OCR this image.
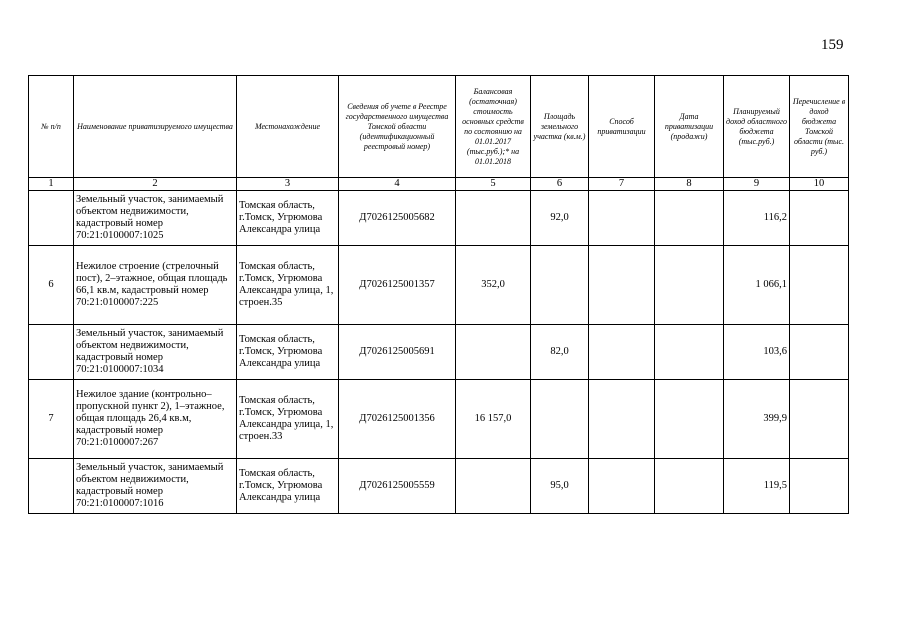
159
№ п/п	Наименование приватизируемого имущества	Местонахождение	Сведения об учете в Реестре государственного имущества Томской области (идентификационный реестровый номер)	Балансовая (остаточная) стоимость основных средств по состоянию на 01.01.2017 (тыс.руб.);* на 01.01.2018	Площадь земельного участка (кв.м.)	Способ приватизации	Дата приватизации (продажи)	Планируемый доход областного бюджета (тыс.руб.)	Перечисление в доход бюджета Томской области (тыс. руб.)
1	2	3	4	5	6	7	8	9	10
	Земельный участок, занимаемый объектом недвижимости, кадастровый номер 70:21:0100007:1025	Томская область, г.Томск, Угрюмова Александра улица	Д7026125005682		92,0			116,2	
6	Нежилое строение (стрелочный пост), 2–этажное, общая площадь 66,1 кв.м, кадастровый номер 70:21:0100007:225	Томская область, г.Томск, Угрюмова Александра улица, 1, строен.35	Д7026125001357	352,0				1 066,1	
	Земельный участок, занимаемый объектом недвижимости, кадастровый номер 70:21:0100007:1034	Томская область, г.Томск, Угрюмова Александра улица	Д7026125005691		82,0			103,6	
7	Нежилое здание (контрольно–пропускной пункт 2), 1–этажное, общая площадь 26,4 кв.м, кадастровый номер 70:21:0100007:267	Томская область, г.Томск, Угрюмова Александра улица, 1, строен.33	Д7026125001356	16 157,0				399,9	
	Земельный участок, занимаемый объектом недвижимости, кадастровый номер 70:21:0100007:1016	Томская область, г.Томск, Угрюмова Александра улица	Д7026125005559		95,0			119,5	
